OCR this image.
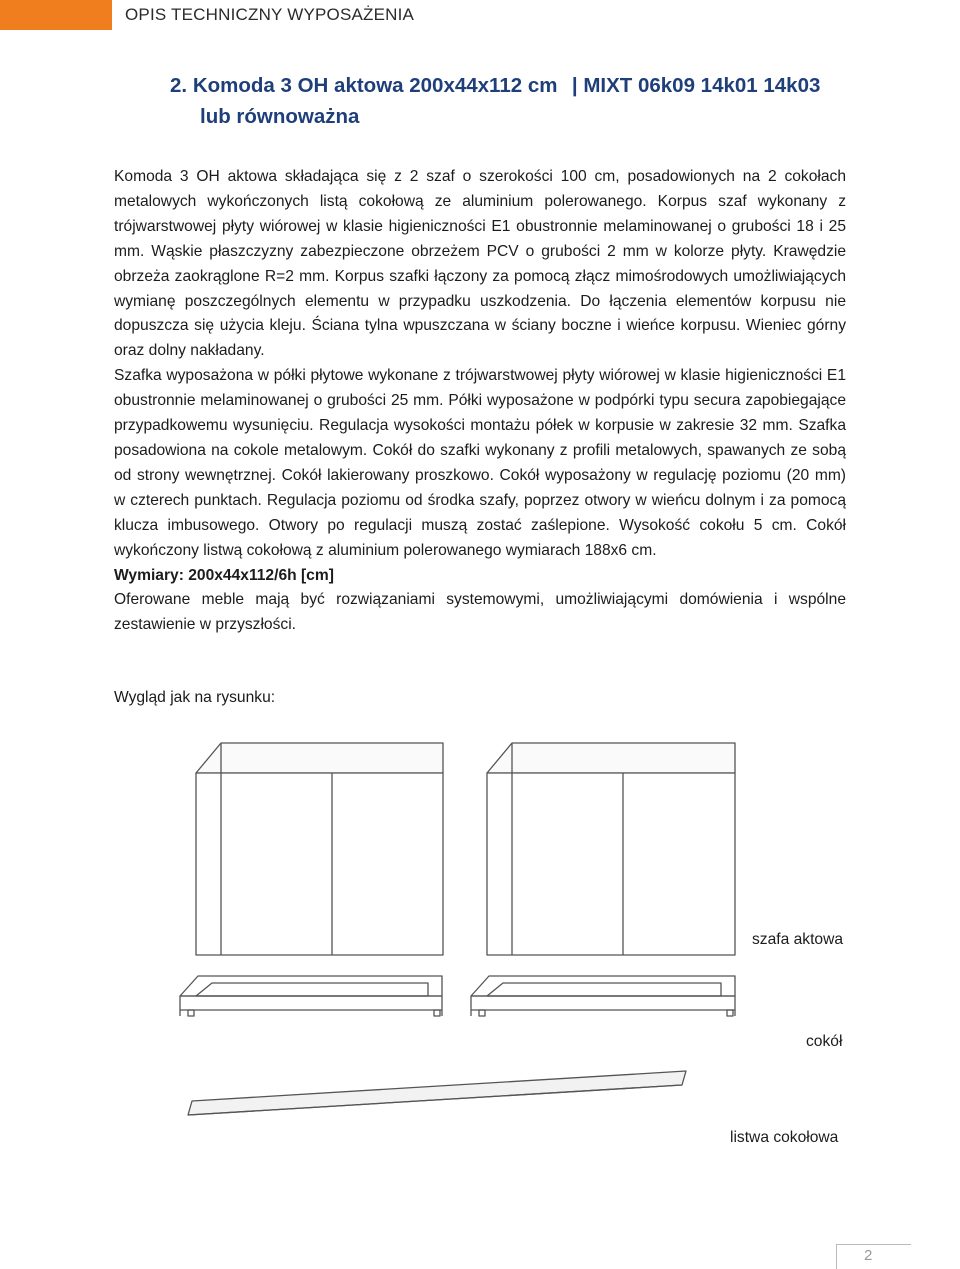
OPIS TECHNICZNY WYPOSAŻENIA
2. Komoda 3 OH aktowa 200x44x112 cm | MIXT 06k09 14k01 14k03
lub równoważna

Komoda 3 OH aktowa składająca się z 2 szaf o szerokości 100 cm, posadowionych na 2 cokołach metalowych wykończonych listą cokołową ze aluminium polerowanego. Korpus szaf wykonany z trójwarstwowej płyty wiórowej w klasie higieniczności E1 obustronnie melaminowanej o grubości 18 i 25 mm. Wąskie płaszczyzny zabezpieczone obrzeżem PCV o grubości 2 mm w kolorze płyty. Krawędzie obrzeża zaokrąglone R=2 mm. Korpus szafki łączony za pomocą złącz mimośrodowych umożliwiających wymianę poszczególnych elementu w przypadku uszkodzenia. Do łączenia elementów korpusu nie dopuszcza się użycia kleju. Ściana tylna wpuszczana w ściany boczne i wieńce korpusu. Wieniec górny oraz dolny nakładany.

Szafka wyposażona w półki płytowe wykonane z trójwarstwowej płyty wiórowej w klasie higieniczności E1 obustronnie melaminowanej o grubości 25 mm. Półki wyposażone w podpórki typu secura zapobiegające przypadkowemu wysunięciu. Regulacja wysokości montażu półek w korpusie w zakresie 32 mm. Szafka posadowiona na cokole metalowym. Cokół do szafki wykonany z profili metalowych, spawanych ze sobą od strony wewnętrznej. Cokół lakierowany proszkowo. Cokół wyposażony w regulację poziomu (20 mm) w czterech punktach. Regulacja poziomu od środka szafy, poprzez otwory w wieńcu dolnym i za pomocą klucza imbusowego. Otwory po regulacji muszą zostać zaślepione. Wysokość cokołu 5 cm. Cokół wykończony listwą cokołową z aluminium polerowanego wymiarach 188x6 cm.

Wymiary: 200x44x112/6h [cm]

Oferowane meble mają być rozwiązaniami systemowymi, umożliwiającymi domówienia i wspólne zestawienie w przyszłości.

Wygląd jak na rysunku:
szafa aktowa
cokół
listwa cokołowa
2
